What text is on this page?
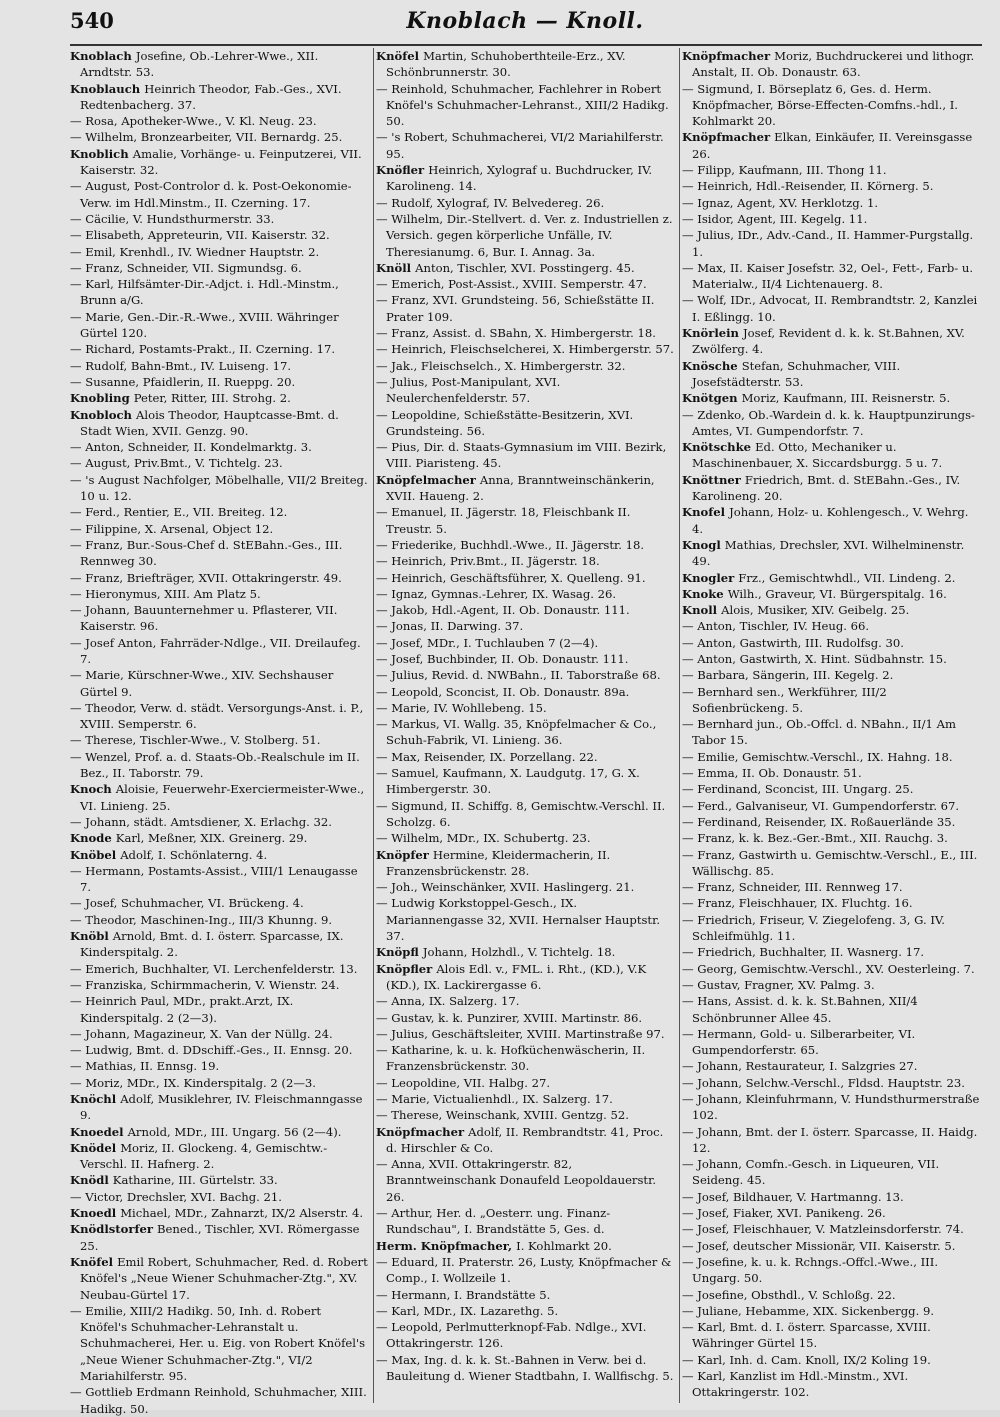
540	Knoblach — Knoll.

Knoblach Josefine, Ob.-Lehrer-Wwe., XII. Arndtstr. 53.

Knoblauch Heinrich Theodor, Fab.-Ges., XVI. Redtenbacherg. 37.

— Rosa, Apotheker-Wwe., V. Kl. Neug. 23.

— Wilhelm, Bronzearbeiter, VII. Bernardg. 25.

Knoblich Amalie, Vorhänge- u. Feinputzerei, VII. Kaiserstr. 32.

— August, Post-Controlor d. k. Post-Oekonomie-Verw. im Hdl.Minstm., II. Czerning. 17.

— Cäcilie, V. Hundsthurmerstr. 33.

— Elisabeth, Appreteurin, VII. Kaiserstr. 32.

— Emil, Krenhdl., IV. Wiedner Hauptstr. 2.

— Franz, Schneider, VII. Sigmundsg. 6.

— Karl, Hilfsämter-Dir.-Adjct. i. Hdl.-Minstm., Brunn a/G.

— Marie, Gen.-Dir.-R.-Wwe., XVIII. Währinger Gürtel 120.

— Richard, Postamts-Prakt., II. Czerning. 17.

— Rudolf, Bahn-Bmt., IV. Luiseng. 17.

— Susanne, Pfaidlerin, II. Rueppg. 20.

Knobling Peter, Ritter, III. Strohg. 2.

Knobloch Alois Theodor, Hauptcasse-Bmt. d. Stadt Wien, XVII. Genzg. 90.

— Anton, Schneider, II. Kondelmarktg. 3.

— August, Priv.Bmt., V. Tichtelg. 23.

— 's August Nachfolger, Möbelhalle, VII/2 Breiteg. 10 u. 12.

— Ferd., Rentier, E., VII. Breiteg. 12.

— Filippine, X. Arsenal, Object 12.

— Franz, Bur.-Sous-Chef d. StEBahn.-Ges., III. Rennweg 30.

— Franz, Briefträger, XVII. Ottakringerstr. 49.

— Hieronymus, XIII. Am Platz 5.

— Johann, Bauunternehmer u. Pflasterer, VII. Kaiserstr. 96.

— Josef Anton, Fahrräder-Ndlge., VII. Dreilaufeg. 7.

— Marie, Kürschner-Wwe., XIV. Sechshauser Gürtel 9.

— Theodor, Verw. d. städt. Versorgungs-Anst. i. P., XVIII. Semperstr. 6.

— Therese, Tischler-Wwe., V. Stolberg. 51.

— Wenzel, Prof. a. d. Staats-Ob.-Realschule im II. Bez., II. Taborstr. 79.

Knoch Aloisie, Feuerwehr-Exerciermeister-Wwe., VI. Linieng. 25.

— Johann, städt. Amtsdiener, X. Erlachg. 32.

Knode Karl, Meßner, XIX. Greinerg. 29.

Knöbel Adolf, I. Schönlaterng. 4.

— Hermann, Postamts-Assist., VIII/1 Lenaugasse 7.

— Josef, Schuhmacher, VI. Brückeng. 4.

— Theodor, Maschinen-Ing., III/3 Khunng. 9.

Knöbl Arnold, Bmt. d. I. österr. Sparcasse, IX. Kinderspitalg. 2.

— Emerich, Buchhalter, VI. Lerchenfelderstr. 13.

— Franziska, Schirmmacherin, V. Wienstr. 24.

— Heinrich Paul, MDr., prakt.Arzt, IX. Kinderspitalg. 2 (2—3).

— Johann, Magazineur, X. Van der Nüllg. 24.

— Ludwig, Bmt. d. DDschiff.-Ges., II. Ennsg. 20.

— Mathias, II. Ennsg. 19.

— Moriz, MDr., IX. Kinderspitalg. 2 (2—3.

Knöchl Adolf, Musiklehrer, IV. Fleischmanngasse 9.

Knoedel Arnold, MDr., III. Ungarg. 56 (2—4).

Knödel Moriz, II. Glockeng. 4, Gemischtw.-Verschl. II. Hafnerg. 2.

Knödl Katharine, III. Gürtelstr. 33.

— Victor, Drechsler, XVI. Bachg. 21.

Knoedl Michael, MDr., Zahnarzt, IX/2 Alserstr. 4.

Knödlstorfer Bened., Tischler, XVI. Römergasse 25.

Knöfel Emil Robert, Schuhmacher, Red. d. Robert Knöfel's „Neue Wiener Schuhmacher-Ztg.", XV. Neubau-Gürtel 17.

— Emilie, XIII/2 Hadikg. 50, Inh. d. Robert Knöfel's Schuhmacher-Lehranstalt u. Schuhmacherei, Her. u. Eig. von Robert Knöfel's „Neue Wiener Schuhmacher-Ztg.", VI/2 Mariahilferstr. 95.

— Gottlieb Erdmann Reinhold, Schuhmacher, XIII. Hadikg. 50.

Knöfel Martin, Schuhoberthteile-Erz., XV. Schönbrunnerstr. 30.

— Reinhold, Schuhmacher, Fachlehrer in Robert Knöfel's Schuhmacher-Lehranst., XIII/2 Hadikg. 50.

— 's Robert, Schuhmacherei, VI/2 Mariahilferstr. 95.

Knöfler Heinrich, Xylograf u. Buchdrucker, IV. Karolineng. 14.

— Rudolf, Xylograf, IV. Belvedereg. 26.

— Wilhelm, Dir.-Stellvert. d. Ver. z. Industriellen z. Versich. gegen körperliche Unfälle, IV. Theresianumg. 6, Bur. I. Annag. 3a.

Knöll Anton, Tischler, XVI. Posstingerg. 45.

— Emerich, Post-Assist., XVIII. Semperstr. 47.

— Franz, XVI. Grundsteing. 56, Schießstätte II. Prater 109.

— Franz, Assist. d. SBahn, X. Himbergerstr. 18.

— Heinrich, Fleischselcherei, X. Himbergerstr. 57.

— Jak., Fleischselch., X. Himbergerstr. 32.

— Julius, Post-Manipulant, XVI. Neulerchenfelderstr. 57.

— Leopoldine, Schießstätte-Besitzerin, XVI. Grundsteing. 56.

— Pius, Dir. d. Staats-Gymnasium im VIII. Bezirk, VIII. Piaristeng. 45.

Knöpfelmacher Anna, Branntweinschänkerin, XVII. Haueng. 2.

— Emanuel, II. Jägerstr. 18, Fleischbank II. Treustr. 5.

— Friederike, Buchhdl.-Wwe., II. Jägerstr. 18.

— Heinrich, Priv.Bmt., II. Jägerstr. 18.

— Heinrich, Geschäftsführer, X. Quelleng. 91.

— Ignaz, Gymnas.-Lehrer, IX. Wasag. 26.

— Jakob, Hdl.-Agent, II. Ob. Donaustr. 111.

— Jonas, II. Darwing. 37.

— Josef, MDr., I. Tuchlauben 7 (2—4).

— Josef, Buchbinder, II. Ob. Donaustr. 111.

— Julius, Revid. d. NWBahn., II. Taborstraße 68.

— Leopold, Sconcist, II. Ob. Donaustr. 89a.

— Marie, IV. Wohllebeng. 15.

— Markus, VI. Wallg. 35, Knöpfelmacher & Co., Schuh-Fabrik, VI. Linieng. 36.

— Max, Reisender, IX. Porzellang. 22.

— Samuel, Kaufmann, X. Laudgutg. 17, G. X. Himbergerstr. 30.

— Sigmund, II. Schiffg. 8, Gemischtw.-Verschl. II. Scholzg. 6.

— Wilhelm, MDr., IX. Schubertg. 23.

Knöpfer Hermine, Kleidermacherin, II. Franzensbrückenstr. 28.

— Joh., Weinschänker, XVII. Haslingerg. 21.

— Ludwig Korkstoppel-Gesch., IX. Mariannengasse 32, XVII. Hernalser Hauptstr. 37.

Knöpfl Johann, Holzhdl., V. Tichtelg. 18.

Knöpfler Alois Edl. v., FML. i. Rht., (KD.), V.K (KD.), IX. Lackirergasse 6.

— Anna, IX. Salzerg. 17.

— Gustav, k. k. Punzirer, XVIII. Martinstr. 86.

— Julius, Geschäftsleiter, XVIII. Martinstraße 97.

— Katharine, k. u. k. Hofküchenwäscherin, II. Franzensbrückenstr. 30.

— Leopoldine, VII. Halbg. 27.

— Marie, Victualienhdl., IX. Salzerg. 17.

— Therese, Weinschank, XVIII. Gentzg. 52.

Knöpfmacher Adolf, II. Rembrandtstr. 41, Proc. d. Hirschler & Co.

— Anna, XVII. Ottakringerstr. 82, Branntweinschank Donaufeld Leopoldauerstr. 26.

— Arthur, Her. d. „Oesterr. ung. Finanz-Rundschau", I. Brandstätte 5, Ges. d.

Herm. Knöpfmacher, I. Kohlmarkt 20.

— Eduard, II. Praterstr. 26, Lusty, Knöpfmacher & Comp., I. Wollzeile 1.

— Hermann, I. Brandstätte 5.

— Karl, MDr., IX. Lazarethg. 5.

— Leopold, Perlmutterknopf-Fab. Ndlge., XVI. Ottakringerstr. 126.

— Max, Ing. d. k. k. St.-Bahnen in Verw. bei d. Bauleitung d. Wiener Stadtbahn, I. Wallfischg. 5.

Knöpfmacher Moriz, Buchdruckerei und lithogr. Anstalt, II. Ob. Donaustr. 63.

— Sigmund, I. Börseplatz 6, Ges. d. Herm. Knöpfmacher, Börse-Effecten-Comfns.-hdl., I. Kohlmarkt 20.

Knöpfmacher Elkan, Einkäufer, II. Vereinsgasse 26.

— Filipp, Kaufmann, III. Thong 11.

— Heinrich, Hdl.-Reisender, II. Körnerg. 5.

— Ignaz, Agent, XV. Herklotzg. 1.

— Isidor, Agent, III. Kegelg. 11.

— Julius, IDr., Adv.-Cand., II. Hammer-Purgstallg. 1.

— Max, II. Kaiser Josefstr. 32, Oel-, Fett-, Farb- u. Materialw., II/4 Lichtenauerg. 8.

— Wolf, IDr., Advocat, II. Rembrandtstr. 2, Kanzlei I. Eßlingg. 10.

Knörlein Josef, Revident d. k. k. St.Bahnen, XV. Zwölferg. 4.

Knösche Stefan, Schuhmacher, VIII. Josefstädterstr. 53.

Knötgen Moriz, Kaufmann, III. Reisnerstr. 5.

— Zdenko, Ob.-Wardein d. k. k. Hauptpunzirungs-Amtes, VI. Gumpendorfstr. 7.

Knötschke Ed. Otto, Mechaniker u. Maschinenbauer, X. Siccardsburgg. 5 u. 7.

Knöttner Friedrich, Bmt. d. StEBahn.-Ges., IV. Karolineng. 20.

Knofel Johann, Holz- u. Kohlengesch., V. Wehrg. 4.

Knogl Mathias, Drechsler, XVI. Wilhelminenstr. 49.

Knogler Frz., Gemischtwhdl., VII. Lindeng. 2.

Knoke Wilh., Graveur, VI. Bürgerspitalg. 16.

Knoll Alois, Musiker, XIV. Geibelg. 25.

— Anton, Tischler, IV. Heug. 66.

— Anton, Gastwirth, III. Rudolfsg. 30.

— Anton, Gastwirth, X. Hint. Südbahnstr. 15.

— Barbara, Sängerin, III. Kegelg. 2.

— Bernhard sen., Werkführer, III/2 Sofienbrückeng. 5.

— Bernhard jun., Ob.-Offcl. d. NBahn., II/1 Am Tabor 15.

— Emilie, Gemischtw.-Verschl., IX. Hahng. 18.

— Emma, II. Ob. Donaustr. 51.

— Ferdinand, Sconcist, III. Ungarg. 25.

— Ferd., Galvaniseur, VI. Gumpendorferstr. 67.

— Ferdinand, Reisender, IX. Roßauerlände 35.

— Franz, k. k. Bez.-Ger.-Bmt., XII. Rauchg. 3.

— Franz, Gastwirth u. Gemischtw.-Verschl., E., III. Wällischg. 85.

— Franz, Schneider, III. Rennweg 17.

— Franz, Fleischhauer, IX. Fluchtg. 16.

— Friedrich, Friseur, V. Ziegelofeng. 3, G. IV. Schleifmühlg. 11.

— Friedrich, Buchhalter, II. Wasnerg. 17.

— Georg, Gemischtw.-Verschl., XV. Oesterleing. 7.

— Gustav, Fragner, XV. Palmg. 3.

— Hans, Assist. d. k. k. St.Bahnen, XII/4 Schönbrunner Allee 45.

— Hermann, Gold- u. Silberarbeiter, VI. Gumpendorferstr. 65.

— Johann, Restaurateur, I. Salzgries 27.

— Johann, Selchw.-Verschl., Fldsd. Hauptstr. 23.

— Johann, Kleinfuhrmann, V. Hundsthurmerstraße 102.

— Johann, Bmt. der I. österr. Sparcasse, II. Haidg. 12.

— Johann, Comfn.-Gesch. in Liqueuren, VII. Seideng. 45.

— Josef, Bildhauer, V. Hartmanng. 13.

— Josef, Fiaker, XVI. Panikeng. 26.

— Josef, Fleischhauer, V. Matzleinsdorferstr. 74.

— Josef, deutscher Missionär, VII. Kaiserstr. 5.

— Josefine, k. u. k. Rchngs.-Offcl.-Wwe., III. Ungarg. 50.

— Josefine, Obsthdl., V. Schloßg. 22.

— Juliane, Hebamme, XIX. Sickenbergg. 9.

— Karl, Bmt. d. I. österr. Sparcasse, XVIII. Währinger Gürtel 15.

— Karl, Inh. d. Cam. Knoll, IX/2 Koling 19.

— Karl, Kanzlist im Hdl.-Minstm., XVI. Ottakringerstr. 102.
